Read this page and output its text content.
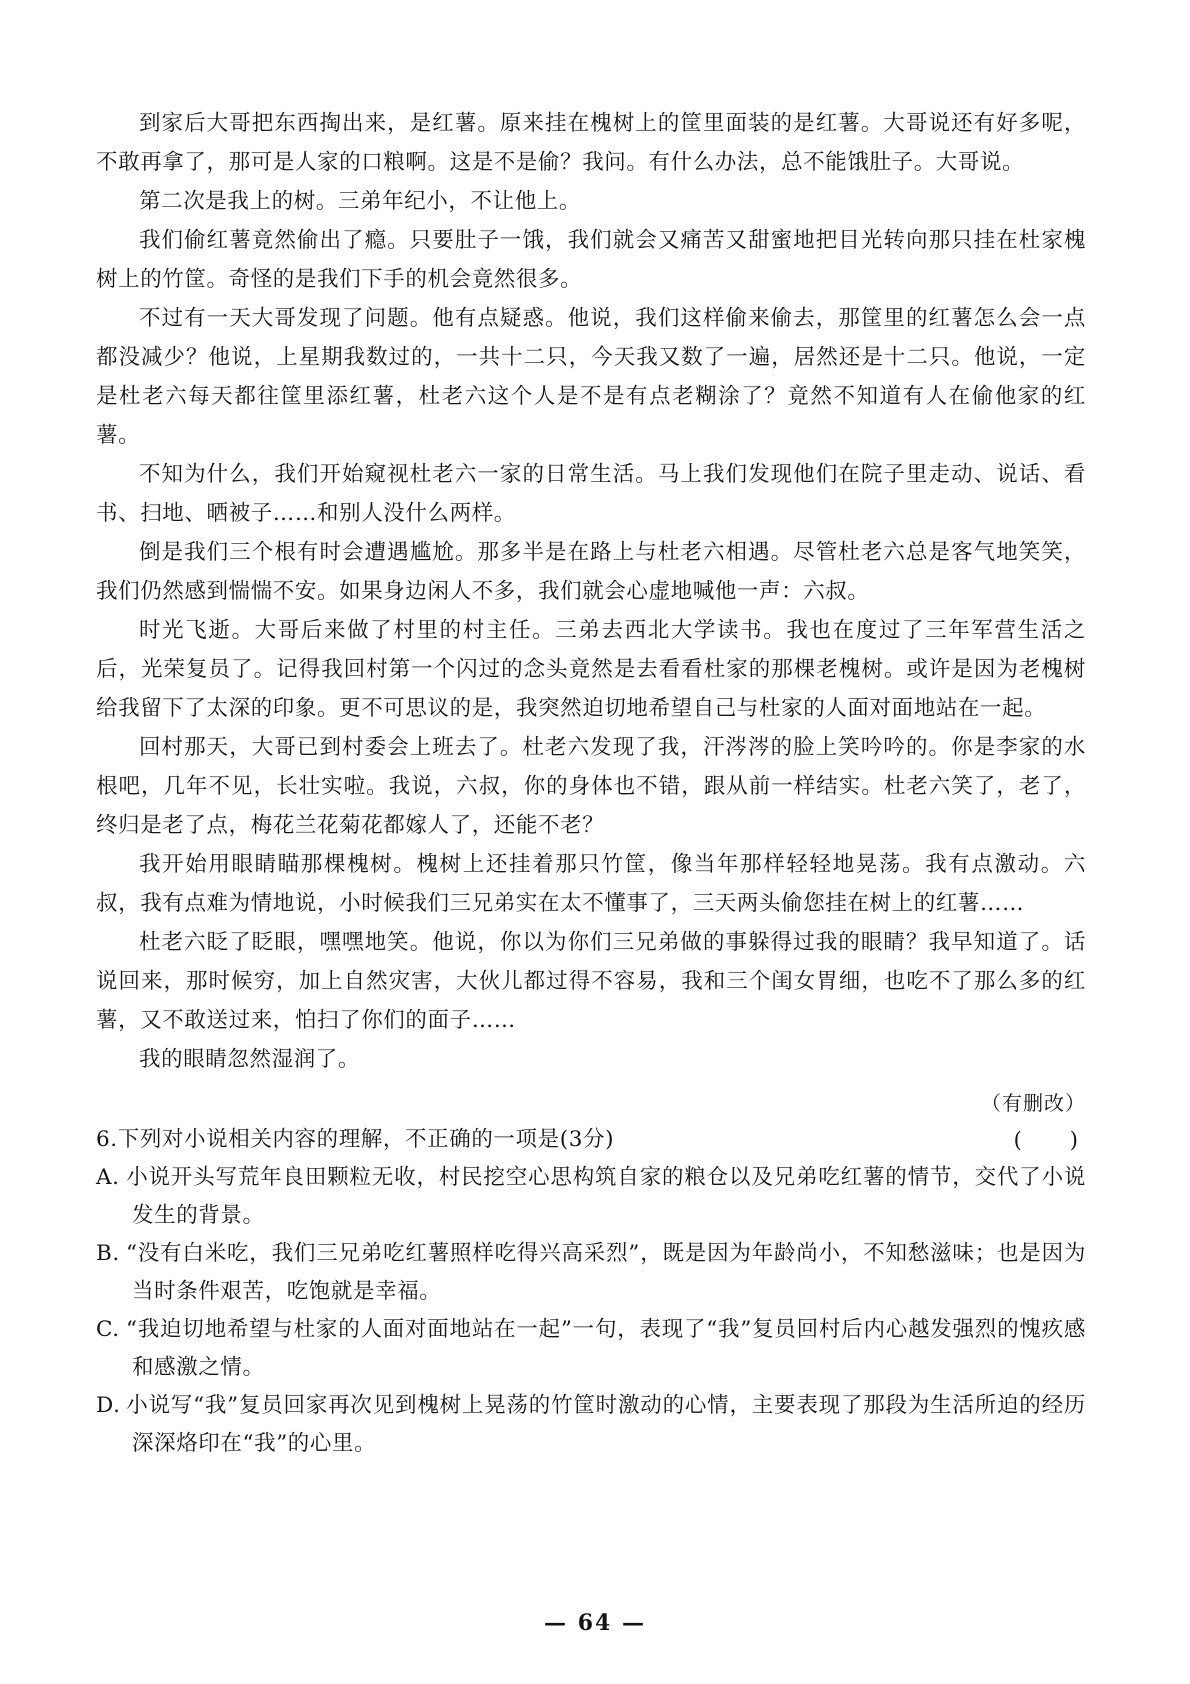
到家后大哥把东西掏出来，是红薯。原来挂在槐树上的筐里面装的是红薯。大哥说还有好多呢，不敢再拿了，那可是人家的口粮啊。这是不是偷？我问。有什么办法，总不能饿肚子。大哥说。

第二次是我上的树。三弟年纪小，不让他上。

我们偷红薯竟然偷出了瘾。只要肚子一饿，我们就会又痛苦又甜蜜地把目光转向那只挂在杜家槐树上的竹筐。奇怪的是我们下手的机会竟然很多。

不过有一天大哥发现了问题。他有点疑惑。他说，我们这样偷来偷去，那筐里的红薯怎么会一点都没减少？他说，上星期我数过的，一共十二只，今天我又数了一遍，居然还是十二只。他说，一定是杜老六每天都往筐里添红薯，杜老六这个人是不是有点老糊涂了？竟然不知道有人在偷他家的红薯。

不知为什么，我们开始窥视杜老六一家的日常生活。马上我们发现他们在院子里走动、说话、看书、扫地、晒被子……和别人没什么两样。

倒是我们三个根有时会遭遇尴尬。那多半是在路上与杜老六相遇。尽管杜老六总是客气地笑笑，我们仍然感到惴惴不安。如果身边闲人不多，我们就会心虚地喊他一声：六叔。

时光飞逝。大哥后来做了村里的村主任。三弟去西北大学读书。我也在度过了三年军营生活之后，光荣复员了。记得我回村第一个闪过的念头竟然是去看看杜家的那棵老槐树。或许是因为老槐树给我留下了太深的印象。更不可思议的是，我突然迫切地希望自己与杜家的人面对面地站在一起。

回村那天，大哥已到村委会上班去了。杜老六发现了我，汗涔涔的脸上笑吟吟的。你是李家的水根吧，几年不见，长壮实啦。我说，六叔，你的身体也不错，跟从前一样结实。杜老六笑了，老了，终归是老了点，梅花兰花菊花都嫁人了，还能不老？

我开始用眼睛瞄那棵槐树。槐树上还挂着那只竹筐，像当年那样轻轻地晃荡。我有点激动。六叔，我有点难为情地说，小时候我们三兄弟实在太不懂事了，三天两头偷您挂在树上的红薯……

杜老六眨了眨眼，嘿嘿地笑。他说，你以为你们三兄弟做的事躲得过我的眼睛？我早知道了。话说回来，那时候穷，加上自然灾害，大伙儿都过得不容易，我和三个闺女胃细，也吃不了那么多的红薯，又不敢送过来，怕扫了你们的面子……

我的眼睛忽然湿润了。

（有删改）

6.下列对小说相关内容的理解，不正确的一项是(3分)	(　　)

A. 小说开头写荒年良田颗粒无收，村民挖空心思构筑自家的粮仓以及兄弟吃红薯的情节，交代了小说发生的背景。

B. “没有白米吃，我们三兄弟吃红薯照样吃得兴高采烈”，既是因为年龄尚小，不知愁滋味；也是因为当时条件艰苦，吃饱就是幸福。

C. “我迫切地希望与杜家的人面对面地站在一起”一句，表现了“我”复员回村后内心越发强烈的愧疚感和感激之情。

D. 小说写“我”复员回家再次见到槐树上晃荡的竹筐时激动的心情，主要表现了那段为生活所迫的经历深深烙印在“我”的心里。

— 64 —
